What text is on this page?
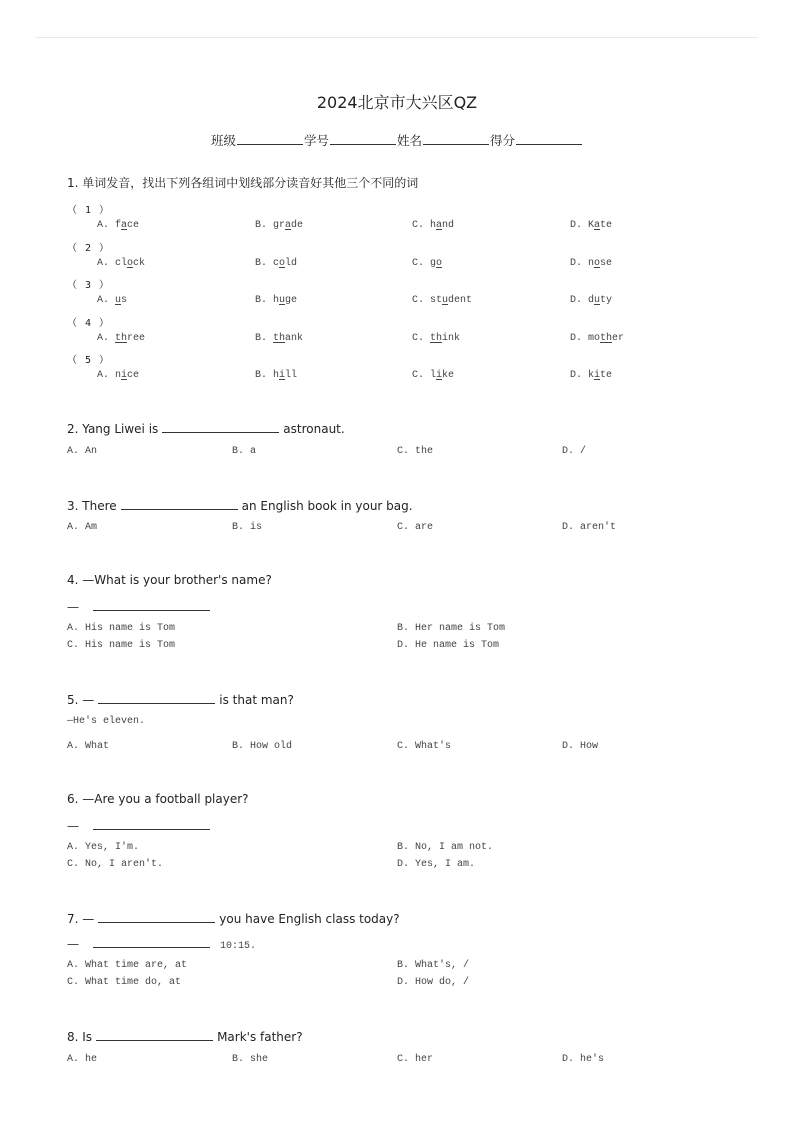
2024北京市大兴区QZ
班级	学号	姓名	得分
1. 单词发音，找出下列各组词中划线部分读音好其他三个不同的词
（ 1 ）
A. face	B. grade	C. hand	D. Kate
（ 2 ）
A. clock	B. cold	C. go	D. nose
（ 3 ）
A. us	B. huge	C. student	D. duty
（ 4 ）
A. three	B. thank	C. think	D. mother
（ 5 ）
A. nice	B. hill	C. like	D. kite
2. Yang Liwei is	astronaut.
A. An	B. a	C. the	D. /
3. There	an English book in your bag.
A. Am	B. is	C. are	D. aren't
4. —What is your brother's name?
—
A. His name is Tom	B. Her name is Tom
C. His name is Tom	D. He name is Tom
5. —	is that man?
—He's eleven.
A. What	B. How old	C. What's	D. How
6. —Are you a football player?
—
A. Yes, I'm.	B. No, I am not.
C. No, I aren't.	D. Yes, I am.
7. —	you have English class today?
—	10:15.
A. What time are, at	B. What's, /
C. What time do, at	D. How do, /
8. Is	Mark's father?
A. he	B. she	C. her	D. he's
